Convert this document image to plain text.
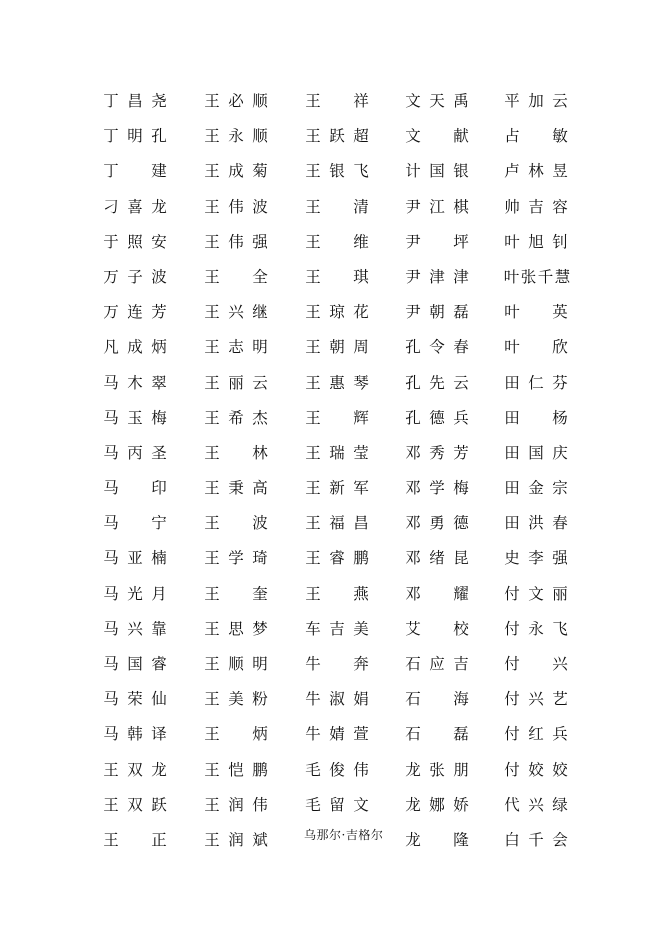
丁 昌 尧 王 必 顺 王 祥 文 天 禹 平 加 云
丁 明 孔 王 永 顺 王 跃 超 文 献 占 敏
丁 建 王 成 菊 王 银 飞 计 国 银 卢 林 昱
刁 喜 龙 王 伟 波 王 清 尹 江 棋 帅 吉 容
于 照 安 王 伟 强 王 维 尹 坪 叶 旭 钊
万 子 波 王 全 王 琪 尹 津 津 叶 张 千 慧
万 连 芳 王 兴 继 王 琼 花 尹 朝 磊 叶 英
凡 成 炳 王 志 明 王 朝 周 孔 令 春 叶 欣
马 木 翠 王 丽 云 王 惠 琴 孔 先 云 田 仁 芬
马 玉 梅 王 希 杰 王 辉 孔 德 兵 田 杨
马 丙 圣 王 林 王 瑞 莹 邓 秀 芳 田 国 庆
马 印 王 秉 高 王 新 军 邓 学 梅 田 金 宗
马 宁 王 波 王 福 昌 邓 勇 德 田 洪 春
马 亚 楠 王 学 琦 王 睿 鹏 邓 绪 昆 史 李 强
马 光 月 王 奎 王 燕 邓 耀 付 文 丽
马 兴 靠 王 思 梦 车 吉 美 艾 校 付 永 飞
马 国 睿 王 顺 明 牛 奔 石 应 吉 付 兴
马 荣 仙 王 美 粉 牛 淑 娟 石 海 付 兴 艺
马 韩 译 王 炳 牛 婧 萱 石 磊 付 红 兵
王 双 龙 王 恺 鹏 毛 俊 伟 龙 张 朋 付 姣 姣
王 双 跃 王 润 伟 毛 留 文 龙 娜 娇 代 兴 绿
王 正 王 润 斌	乌那尔·吉格尔 龙 隆 白 千 会
